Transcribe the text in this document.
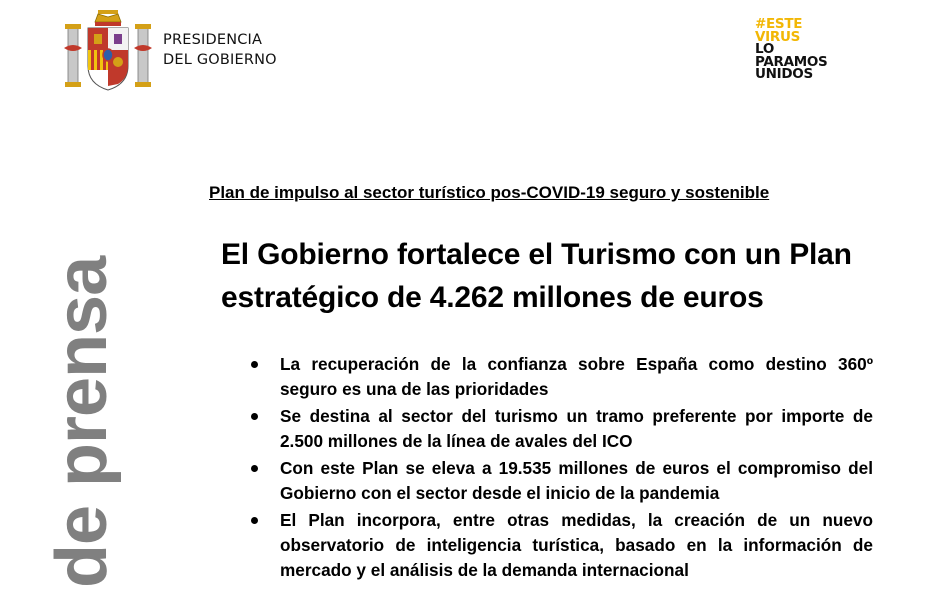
PRESIDENCIA
DEL GOBIERNO
#ESTE
VIRUS
LO
PARAMOS
UNIDOS
de prensa
Plan de impulso al sector turístico pos-COVID-19 seguro y sostenible
El Gobierno fortalece el Turismo con un Plan
estratégico de 4.262 millones de euros
La recuperación de la confianza sobre España como destino 360º seguro es una de las prioridades
Se destina al sector del turismo un tramo preferente por importe de 2.500 millones de la línea de avales del ICO
Con este Plan se eleva a 19.535 millones de euros el compromiso del Gobierno con el sector desde el inicio de la pandemia
El Plan incorpora, entre otras medidas, la creación de un nuevo observatorio de inteligencia turística, basado en la información de mercado y el análisis de la demanda internacional
